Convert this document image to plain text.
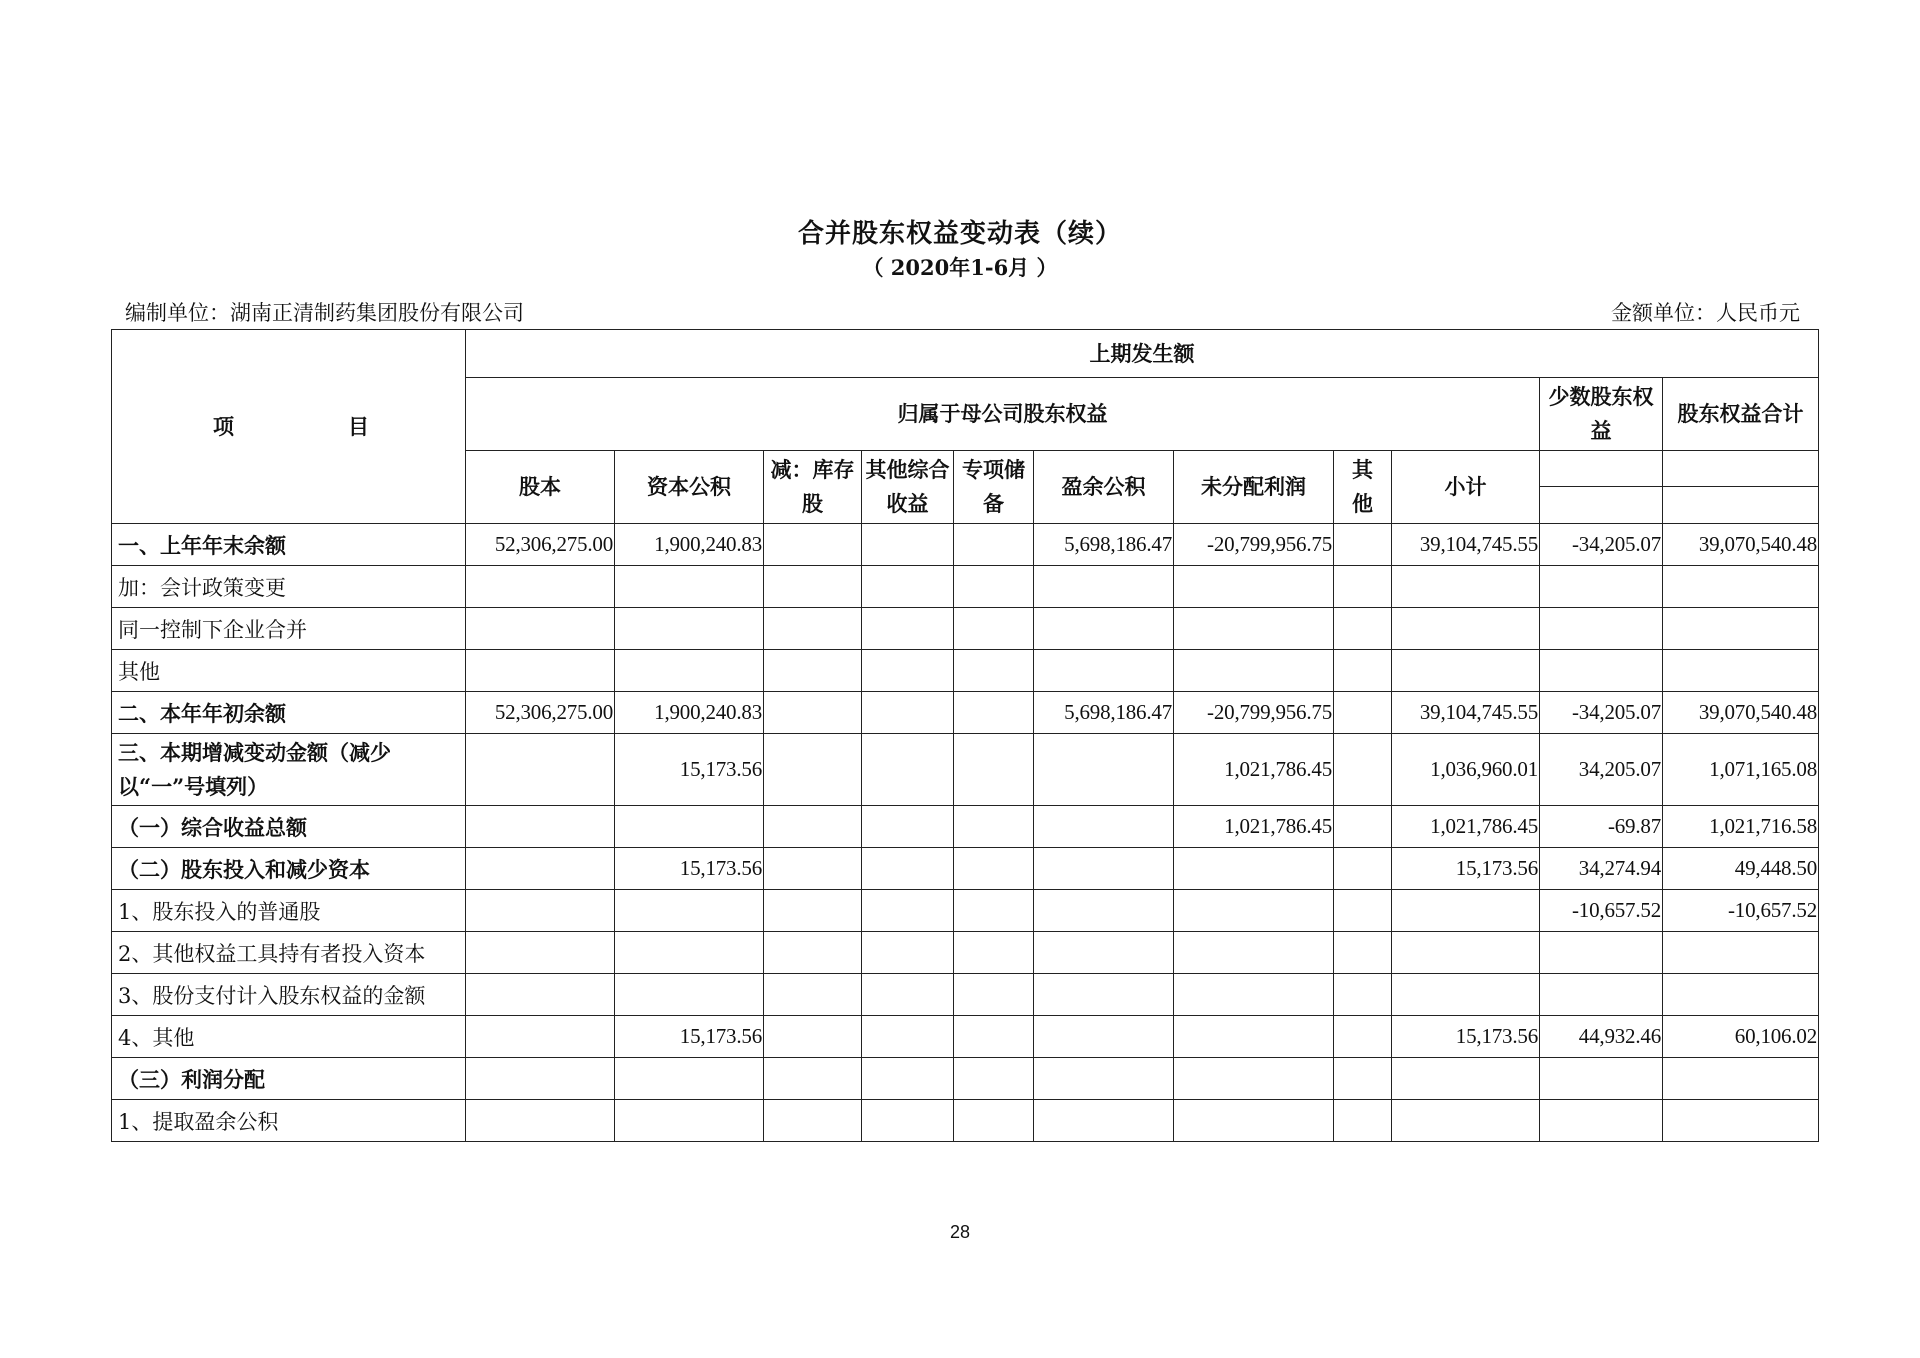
合并股东权益变动表（续）
（ 2020年1-6月 ）
编制单位：湖南正清制药集团股份有限公司	金额单位：人民币元
项 目	上期发生额										
	归属于母公司股东权益									少数股东权益	股东权益合计
	股本	资本公积	减：库存股	其他综合收益	专项储备	盈余公积	未分配利润	其他	小计		

一、上年年末余额	52,306,275.00	1,900,240.83				5,698,186.47	-20,799,956.75		39,104,745.55	-34,205.07	39,070,540.48
加：会计政策变更											
同一控制下企业合并											
其他											
二、本年年初余额	52,306,275.00	1,900,240.83				5,698,186.47	-20,799,956.75		39,104,745.55	-34,205.07	39,070,540.48
三、本期增减变动金额（减少以“一”号填列）		15,173.56					1,021,786.45		1,036,960.01	34,205.07	1,071,165.08
（一）综合收益总额							1,021,786.45		1,021,786.45	-69.87	1,021,716.58
（二）股东投入和减少资本		15,173.56							15,173.56	34,274.94	49,448.50
1、股东投入的普通股										-10,657.52	-10,657.52
2、其他权益工具持有者投入资本											
3、股份支付计入股东权益的金额											
4、其他		15,173.56							15,173.56	44,932.46	60,106.02
（三）利润分配											
1、提取盈余公积											
28
